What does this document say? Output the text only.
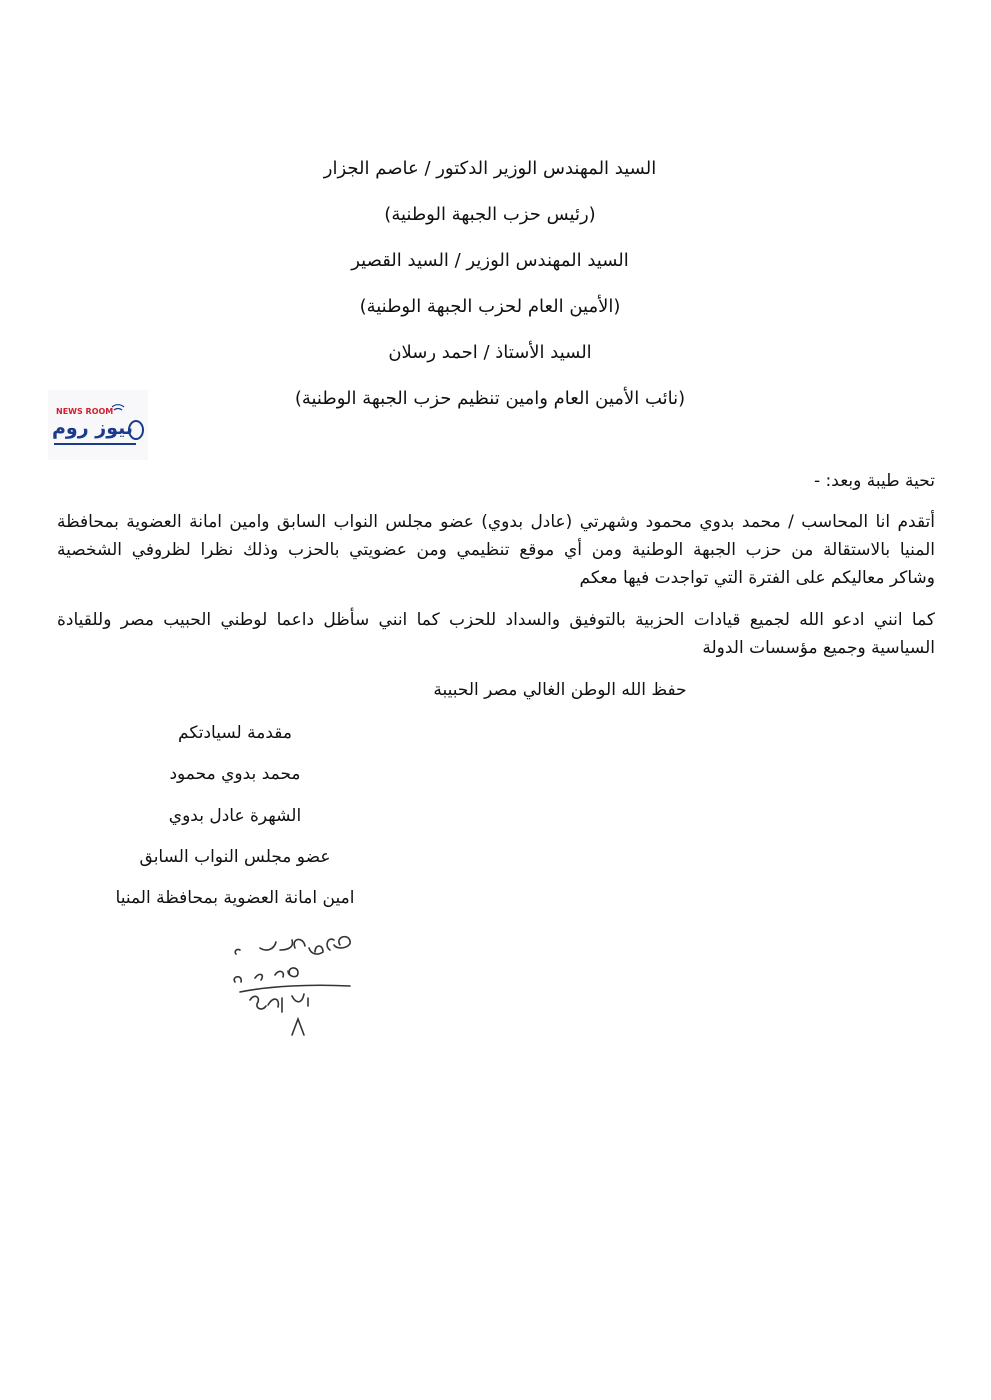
السيد المهندس الوزير الدكتور / عاصم الجزار
(رئيس حزب الجبهة الوطنية)
السيد المهندس الوزير / السيد القصير
(الأمين العام لحزب الجبهة الوطنية)
السيد الأستاذ / احمد رسلان
(نائب الأمين العام وامين تنظيم حزب الجبهة الوطنية)
NEWS ROOM
نيوز روم
تحية طيبة وبعد: -
أتقدم انا المحاسب / محمد بدوي محمود وشهرتي (عادل بدوي) عضو مجلس النواب السابق وامين امانة العضوية بمحافظة
المنيا بالاستقالة من حزب الجبهة الوطنية ومن أي موقع تنظيمي ومن عضويتي بالحزب وذلك نظرا لظروفي الشخصية
وشاكر معاليكم على الفترة التي تواجدت فيها معكم
كما انني ادعو الله لجميع قيادات الحزبية بالتوفيق والسداد للحزب كما انني سأظل داعما لوطني الحبيب مصر وللقيادة
السياسية وجميع مؤسسات الدولة
حفظ الله الوطن الغالي مصر الحبيبة
مقدمة لسيادتكم
محمد بدوي محمود
الشهرة عادل بدوي
عضو مجلس النواب السابق
امين امانة العضوية بمحافظة المنيا
